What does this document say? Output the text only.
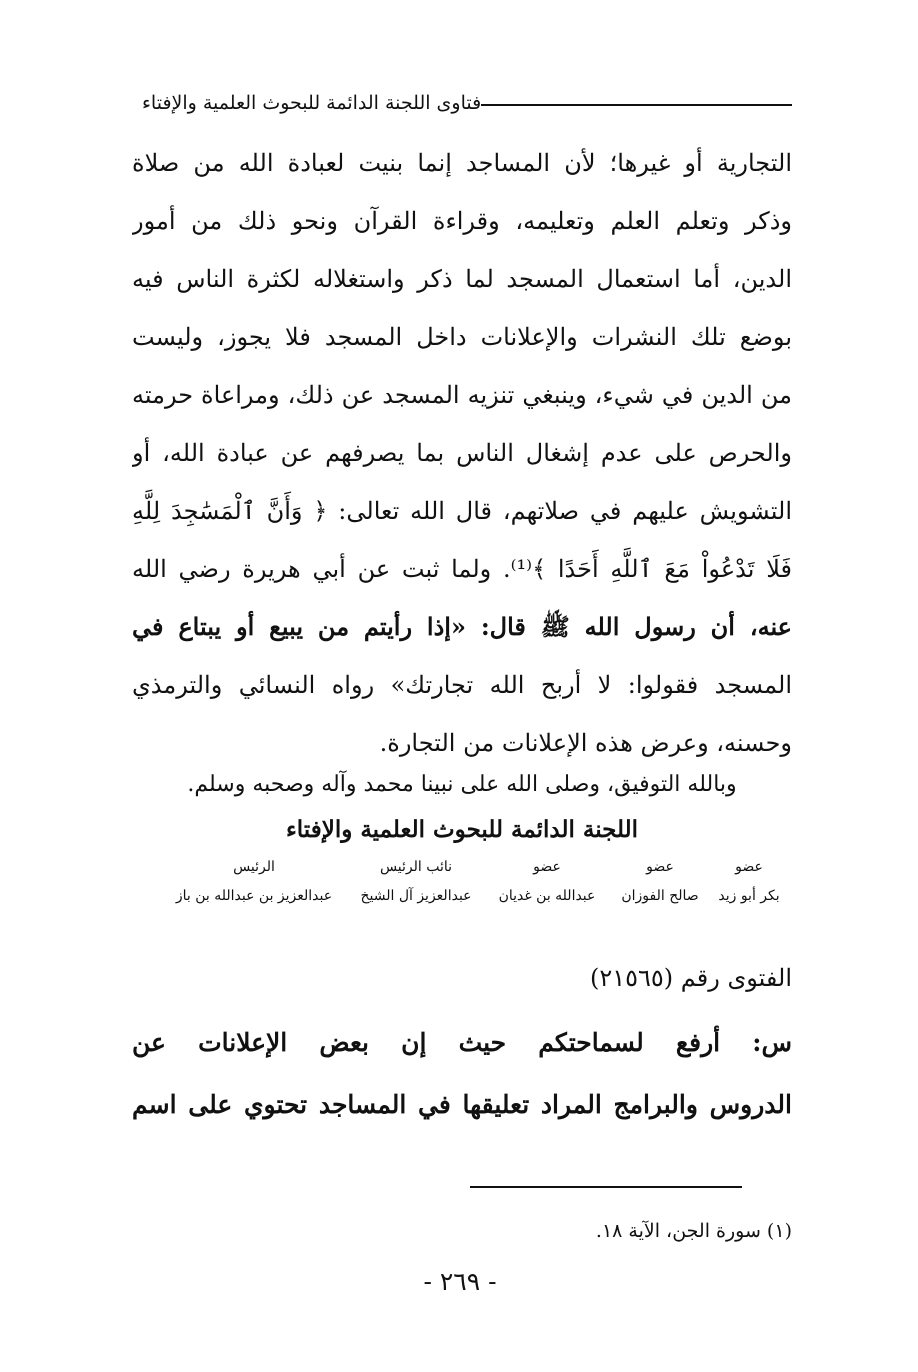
فتاوى اللجنة الدائمة للبحوث العلمية والإفتاء
التجارية أو غيرها؛ لأن المساجد إنما بنيت لعبادة الله من صلاة
وذكر وتعلم العلم وتعليمه، وقراءة القرآن ونحو ذلك من أمور
الدين، أما استعمال المسجد لما ذكر واستغلاله لكثرة الناس فيه
بوضع تلك النشرات والإعلانات داخل المسجد فلا يجوز، وليست
من الدين في شيء، وينبغي تنزيه المسجد عن ذلك، ومراعاة حرمته
والحرص على عدم إشغال الناس بما يصرفهم عن عبادة الله، أو
التشويش عليهم في صلاتهم، قال الله تعالى: ﴿ وَأَنَّ ٱلْمَسَٰجِدَ لِلَّهِ
فَلَا تَدْعُواْ مَعَ ٱللَّهِ أَحَدًا ﴾⁽¹⁾. ولما ثبت عن أبي هريرة رضي الله
عنه، أن رسول الله ﷺ قال: «إذا رأيتم من يبيع أو يبتاع في
المسجد فقولوا: لا أربح الله تجارتك» رواه النسائي والترمذي
وحسنه، وعرض هذه الإعلانات من التجارة.
وبالله التوفيق، وصلى الله على نبينا محمد وآله وصحبه وسلم.
اللجنة الدائمة للبحوث العلمية والإفتاء
عضو
بكر أبو زيد
عضو
صالح الفوزان
عضو
عبدالله بن غديان
نائب الرئيس
عبدالعزيز آل الشيخ
الرئيس
عبدالعزيز بن عبدالله بن باز
الفتوى رقم (٢١٥٦٥)
س: أرفع لسماحتكم حيث إن بعض الإعلانات عن
الدروس والبرامج المراد تعليقها في المساجد تحتوي على اسم
(١) سورة الجن، الآية ١٨.
- ٢٦٩ -
